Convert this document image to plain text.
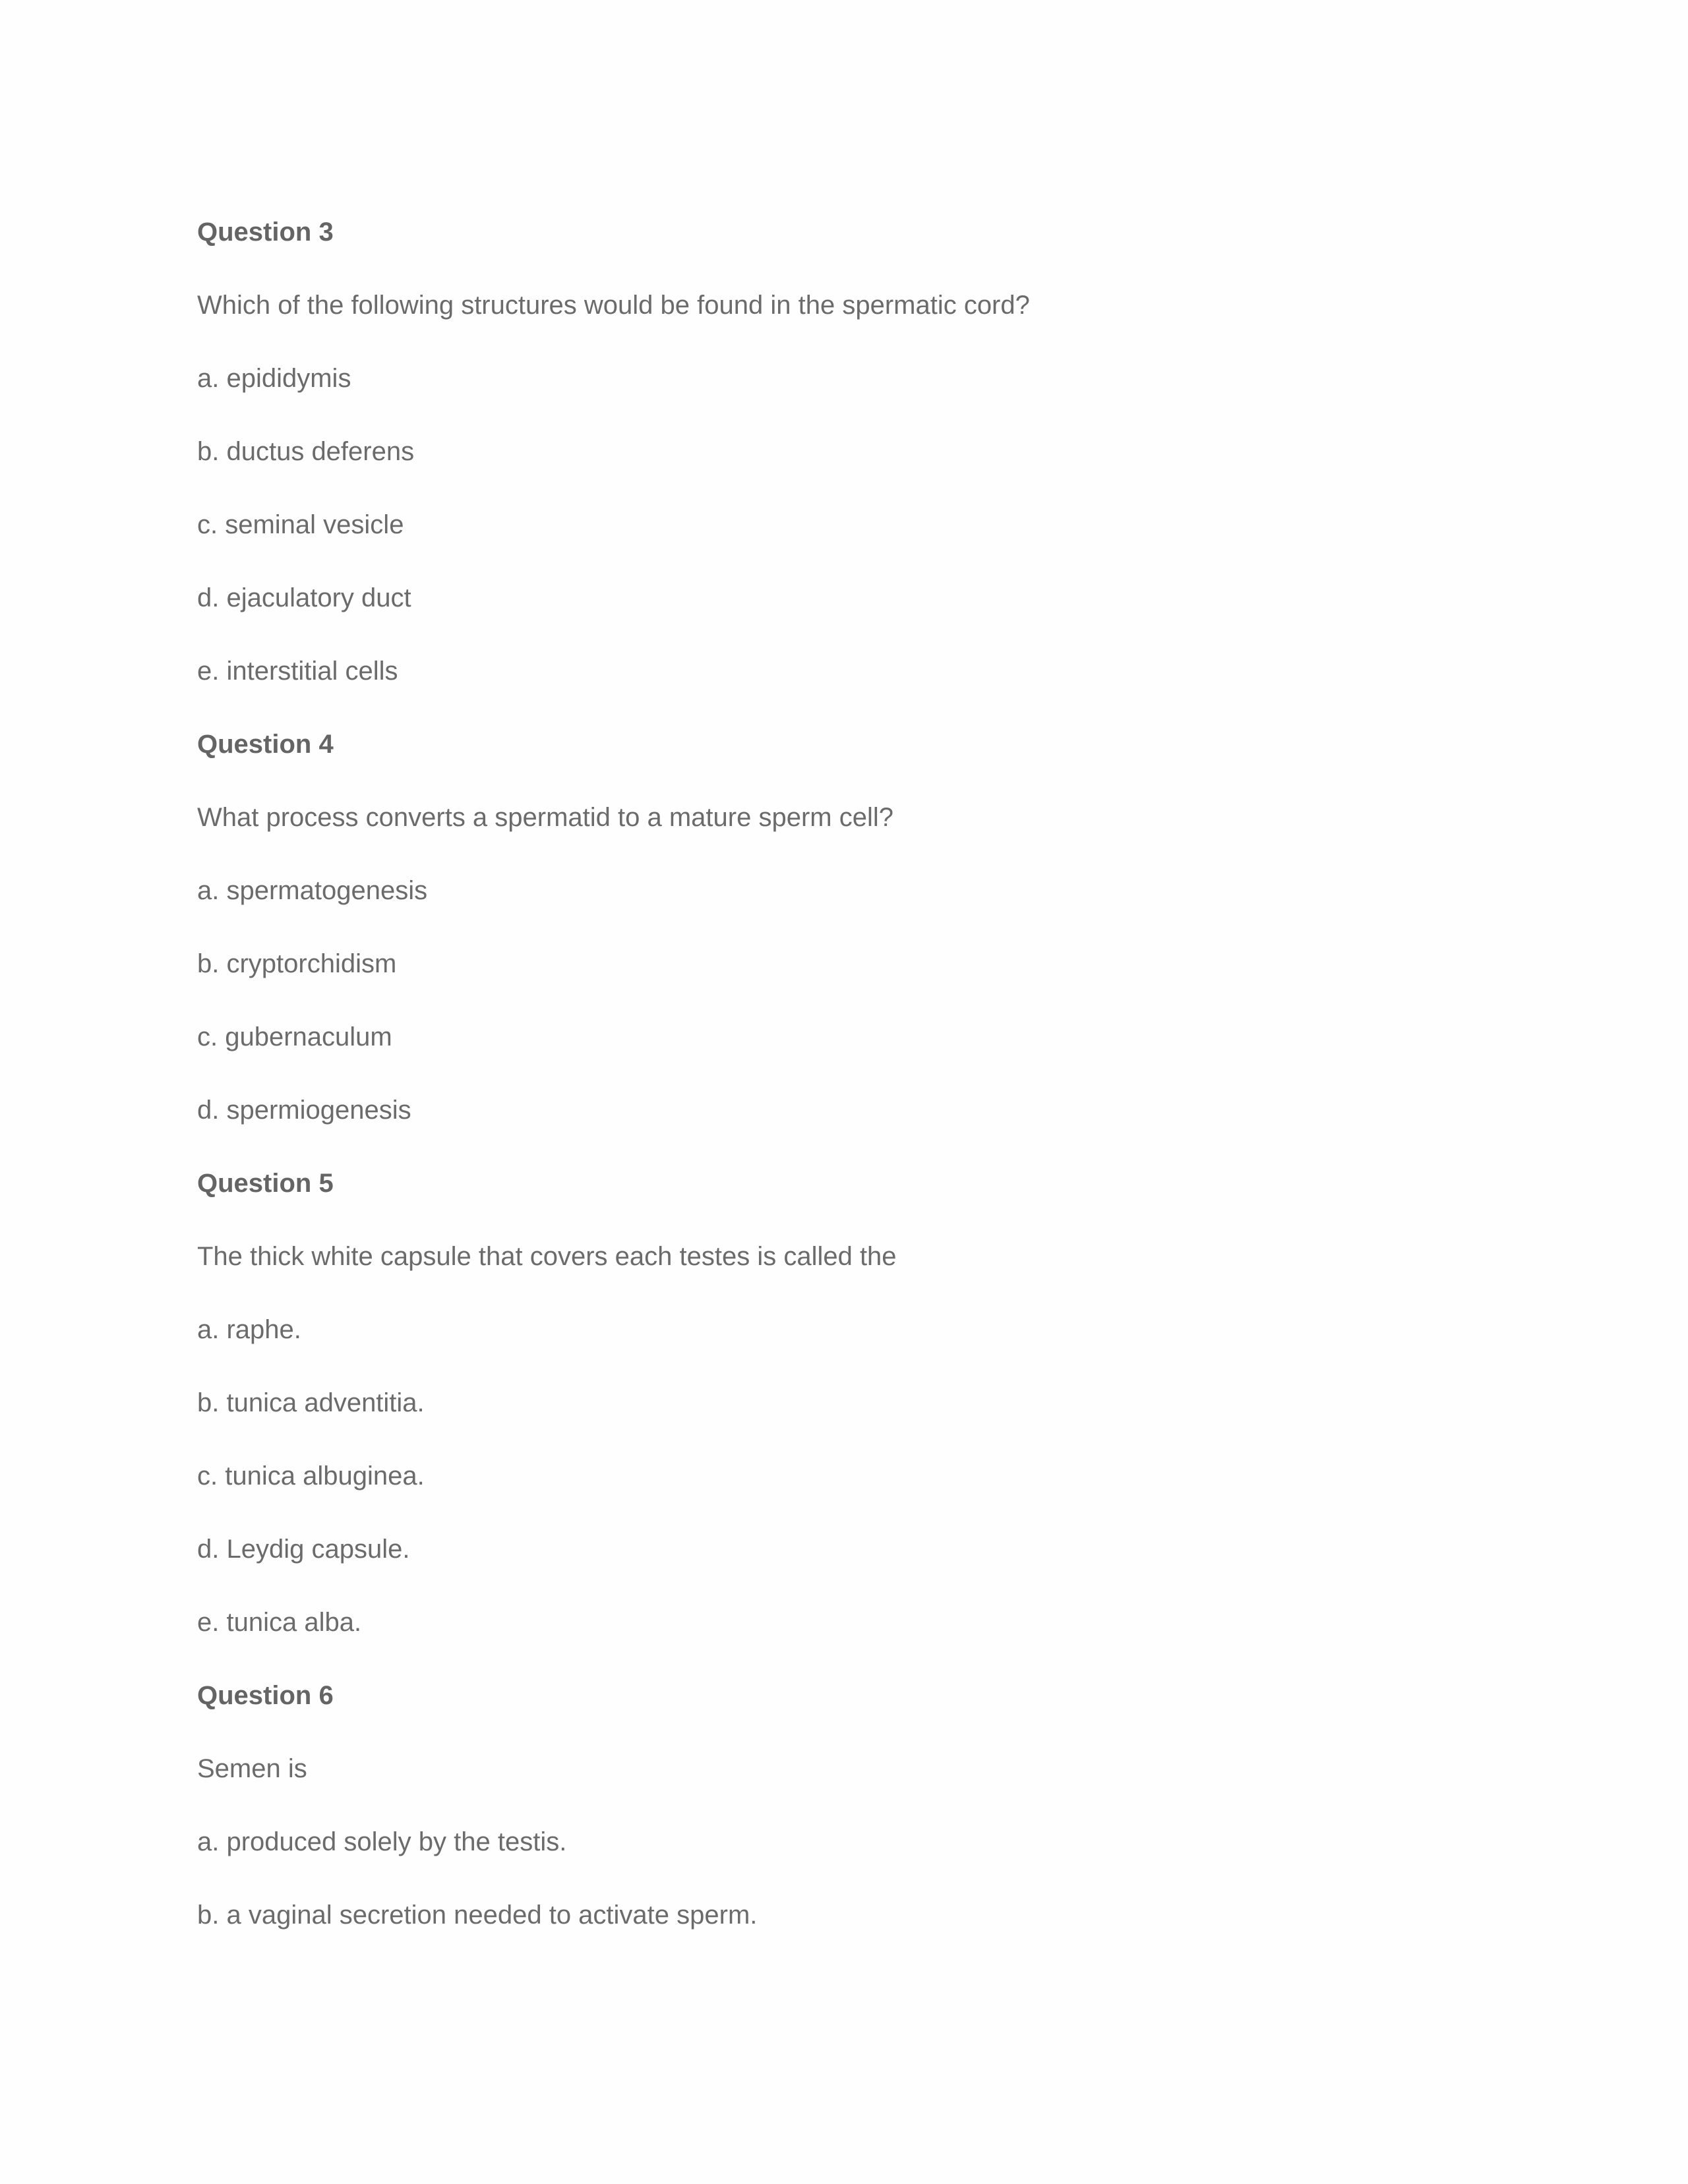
Question 3

Which of the following structures would be found in the spermatic cord?

a. epididymis

b. ductus deferens

c. seminal vesicle

d. ejaculatory duct

e. interstitial cells

Question 4

What process converts a spermatid to a mature sperm cell?

a. spermatogenesis

b. cryptorchidism

c. gubernaculum

d. spermiogenesis

Question 5

The thick white capsule that covers each testes is called the

a. raphe.

b. tunica adventitia.

c. tunica albuginea.

d. Leydig capsule.

e. tunica alba.

Question 6

Semen is

a. produced solely by the testis.

b. a vaginal secretion needed to activate sperm.
